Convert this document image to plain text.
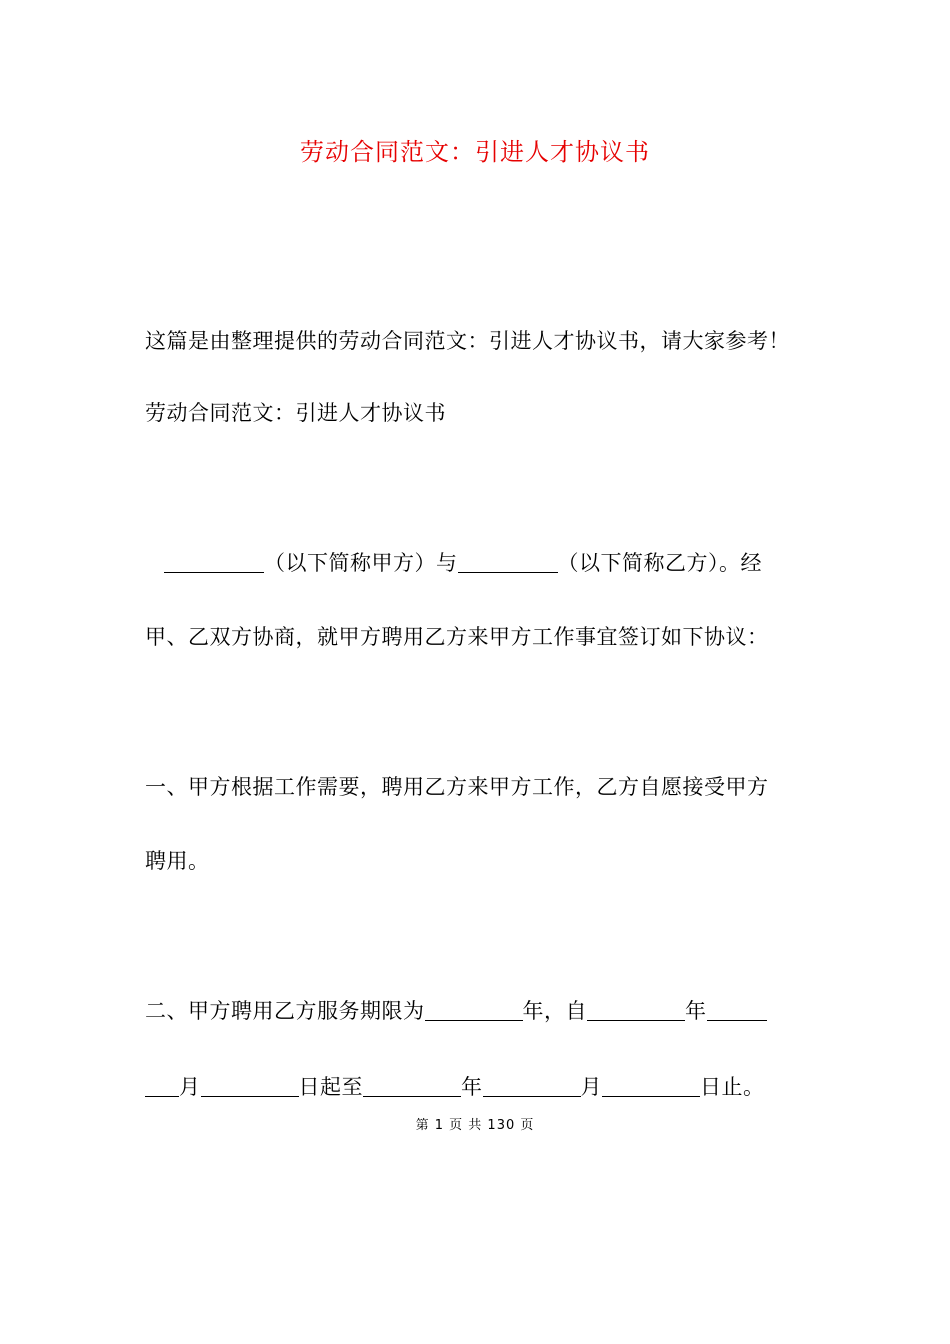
劳动合同范文：引进人才协议书
这篇是由整理提供的劳动合同范文：引进人才协议书，请大家参考！
劳动合同范文：引进人才协议书
（以下简称甲方）与	（以下简称乙方）。经
甲、乙双方协商，就甲方聘用乙方来甲方工作事宜签订如下协议：
一、甲方根据工作需要，聘用乙方来甲方工作，乙方自愿接受甲方
聘用。
二、甲方聘用乙方服务期限为	年，自	年
月	日起至	年	月	日止。
第 1 页 共 130 页
